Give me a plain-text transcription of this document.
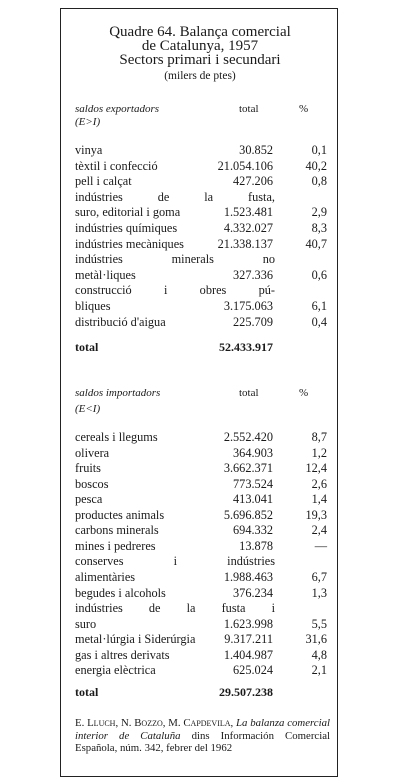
Quadre 64. Balança comercial
de Catalunya, 1957
Sectors primari i secundari
(milers de ptes)
saldos exportadors
(E>I)
total	%
vinya	30.852	0,1
tèxtil i confecció	21.054.106	40,2
pell i calçat	427.206	0,8
indústries de la fusta,
suro, editorial i goma	1.523.481	2,9
indústries químiques	4.332.027	8,3
indústries mecàniques	21.338.137	40,7
indústries minerals no
metàl·liques	327.336	0,6
construcció i obres pú-
bliques	3.175.063	6,1
distribució d'aigua	225.709	0,4
total	52.433.917
saldos importadors
(E<I)
total	%
cereals i llegums	2.552.420	8,7
olivera	364.903	1,2
fruits	3.662.371	12,4
boscos	773.524	2,6
pesca	413.041	1,4
productes animals	5.696.852	19,3
carbons minerals	694.332	2,4
mines i pedreres	13.878	—
conserves i indústries
alimentàries	1.988.463	6,7
begudes i alcohols	376.234	1,3
indústries de la fusta i
suro	1.623.998	5,5
metal·lúrgia i Siderúrgia 9.317.211	31,6
gas i altres derivats	1.404.987	4,8
energia elèctrica	625.024	2,1
total	29.507.238
E. Lluch, N. Bozzo, M. Capdevila, La balanza comercial interior de Cataluña dins Información Comercial Española, núm. 342, febrer del 1962
